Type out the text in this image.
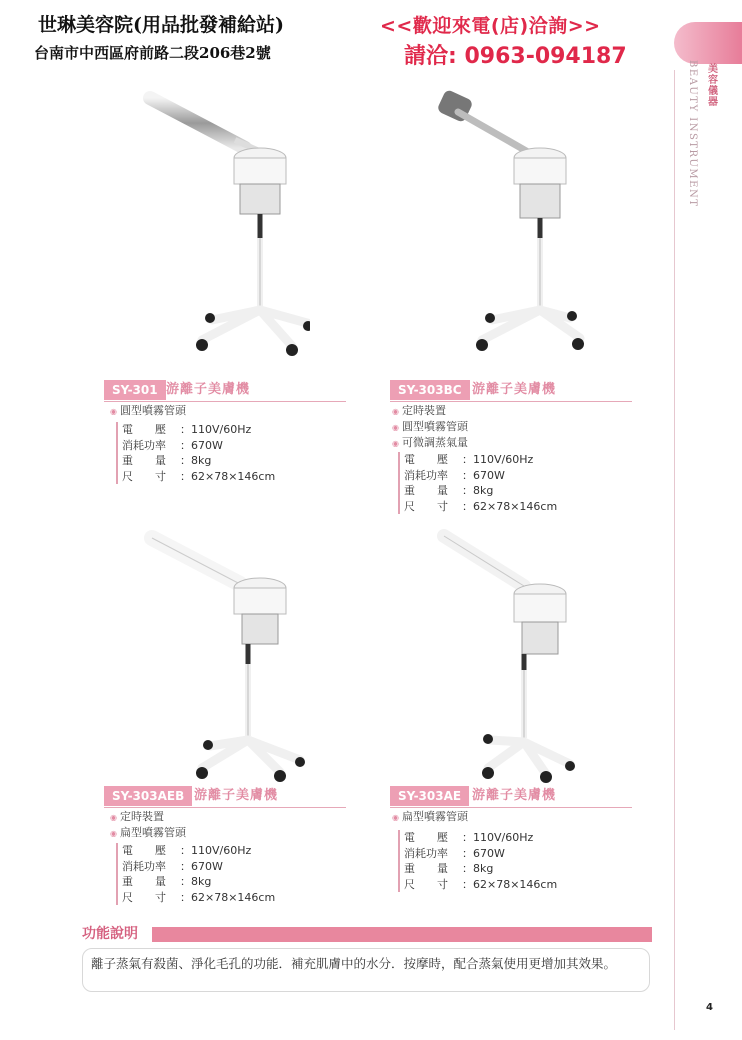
世琳美容院(用品批發補給站)
台南市中西區府前路二段206巷2號
<<歡迎來電(店)洽詢>>
請洽: 0963-094187
美容儀器
BEAUTY INSTRUMENT
SY-301 游離子美膚機
◉ 圓型噴霧管頭
電　　壓 ：110V/60Hz
消耗功率 ：670W
重　　量 ：8kg
尺　　寸 ：62×78×146cm
SY-303BC 游離子美膚機
◉ 定時裝置
◉ 圓型噴霧管頭
◉ 可微調蒸氣量
電　　壓 ：110V/60Hz
消耗功率 ：670W
重　　量 ：8kg
尺　　寸 ：62×78×146cm
SY-303AEB 游離子美膚機
◉ 定時裝置
◉ 扁型噴霧管頭
電　　壓 ：110V/60Hz
消耗功率 ：670W
重　　量 ：8kg
尺　　寸 ：62×78×146cm
SY-303AE 游離子美膚機
◉ 扁型噴霧管頭
電　　壓 ：110V/60Hz
消耗功率 ：670W
重　　量 ：8kg
尺　　寸 ：62×78×146cm
功能說明
離子蒸氣有殺菌、淨化毛孔的功能．補充肌膚中的水分．按摩時，配合蒸氣使用更增加其效果。
4
